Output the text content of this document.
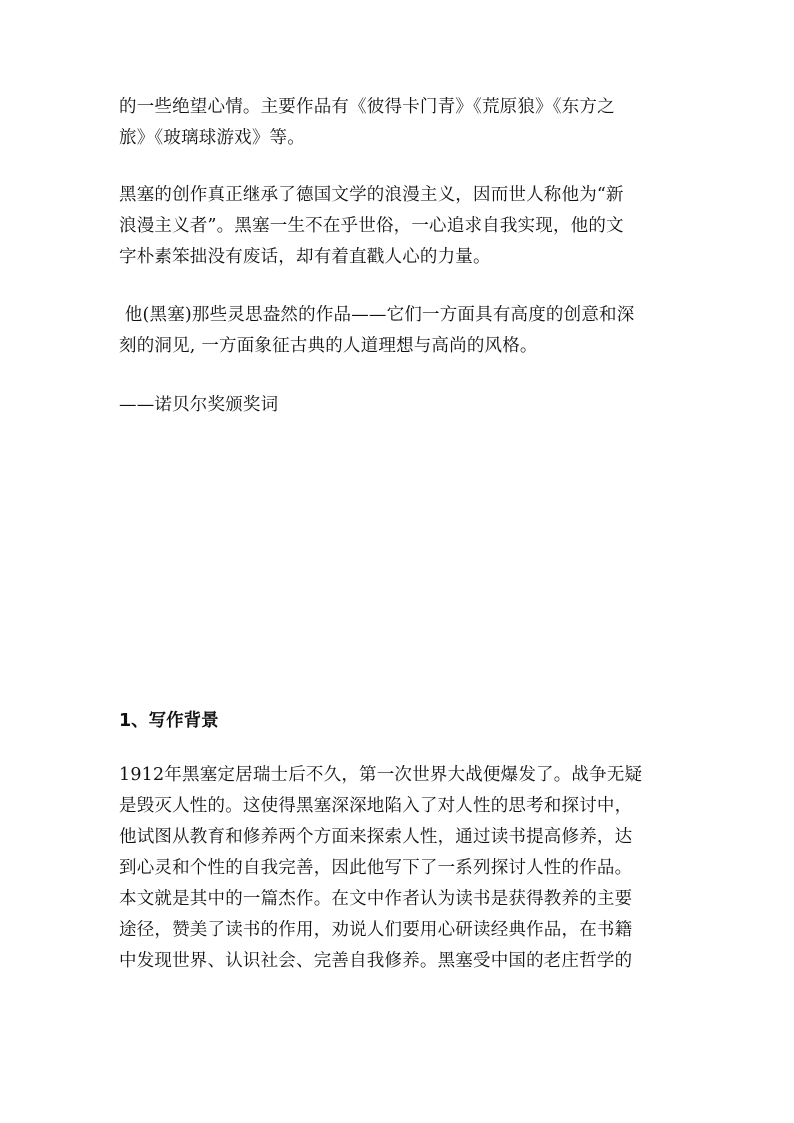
的一些绝望心情。主要作品有《彼得卡门青》《荒原狼》《东方之
旅》《玻璃球游戏》等。
黑塞的创作真正继承了德国文学的浪漫主义，因而世人称他为“新
浪漫主义者”。黑塞一生不在乎世俗，一心追求自我实现，他的文
字朴素笨拙没有废话，却有着直戳人心的力量。
他(黑塞)那些灵思盎然的作品——它们一方面具有高度的创意和深
刻的洞见, 一方面象征古典的人道理想与高尚的风格。
——诺贝尔奖颁奖词
1、写作背景
1912年黑塞定居瑞士后不久，第一次世界大战便爆发了。战争无疑
是毁灭人性的。这使得黑塞深深地陷入了对人性的思考和探讨中，
他试图从教育和修养两个方面来探索人性，通过读书提高修养，达
到心灵和个性的自我完善，因此他写下了一系列探讨人性的作品。
本文就是其中的一篇杰作。在文中作者认为读书是获得教养的主要
途径，赞美了读书的作用，劝说人们要用心研读经典作品，在书籍
中发现世界、认识社会、完善自我修养。黑塞受中国的老庄哲学的
